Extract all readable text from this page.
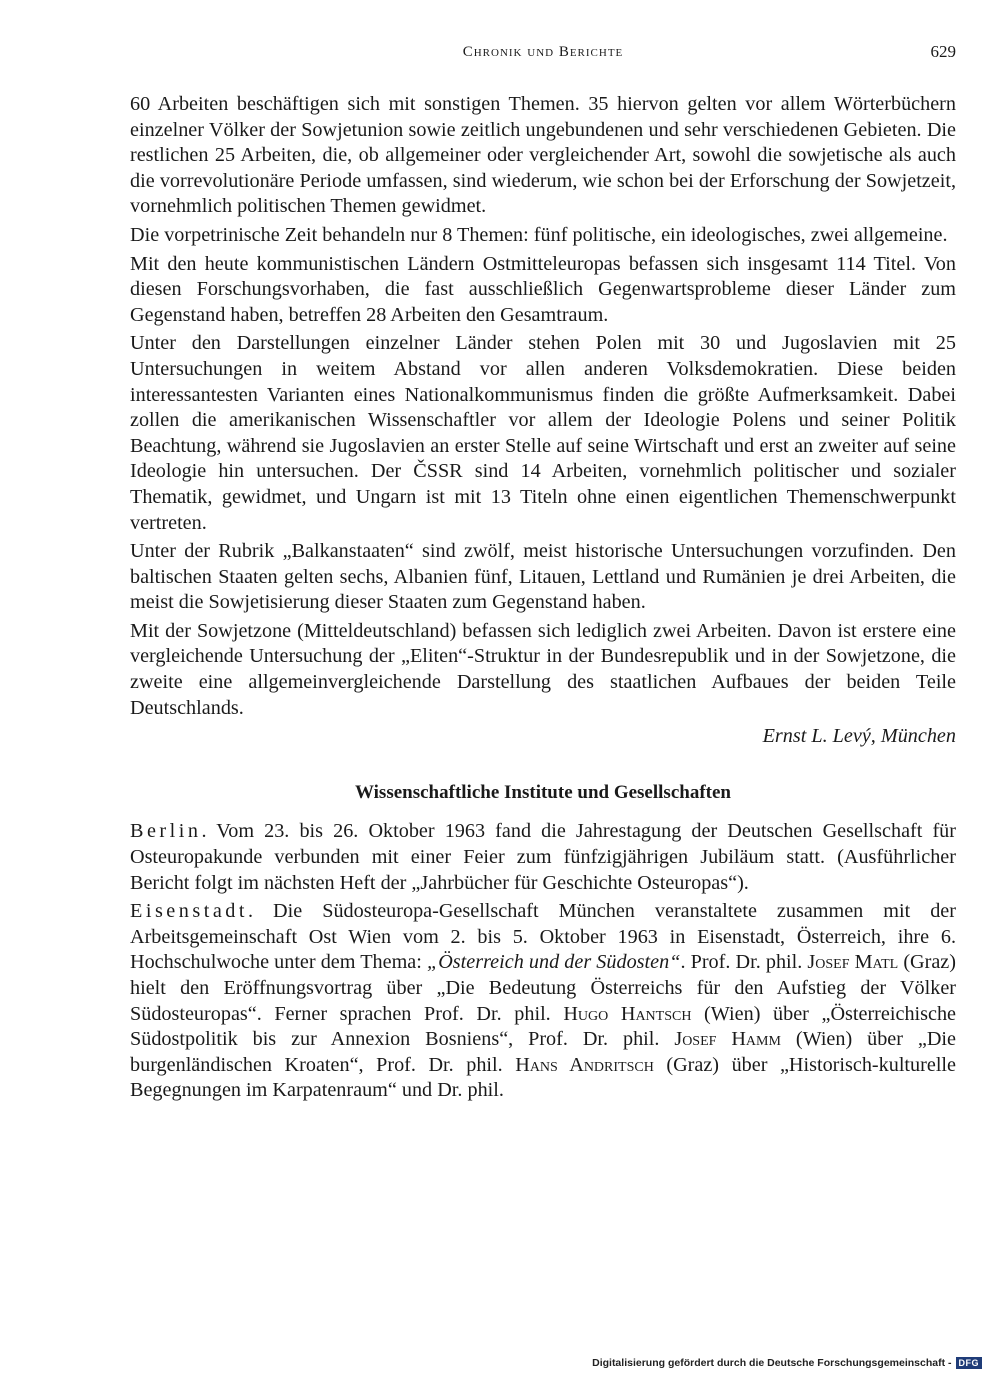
Chronik und Berichte	629

60 Arbeiten beschäftigen sich mit sonstigen Themen. 35 hiervon gelten vor allem Wörterbüchern einzelner Völker der Sowjetunion sowie zeitlich ungebundenen und sehr verschiedenen Gebieten. Die restlichen 25 Arbeiten, die, ob allgemeiner oder vergleichender Art, sowohl die sowjetische als auch die vorrevolutionäre Periode umfassen, sind wiederum, wie schon bei der Erforschung der Sowjetzeit, vornehmlich politischen Themen gewidmet.

Die vorpetrinische Zeit behandeln nur 8 Themen: fünf politische, ein ideologisches, zwei allgemeine.

Mit den heute kommunistischen Ländern Ostmitteleuropas befassen sich insgesamt 114 Titel. Von diesen Forschungsvorhaben, die fast ausschließlich Gegenwartsprobleme dieser Länder zum Gegenstand haben, betreffen 28 Arbeiten den Gesamtraum.

Unter den Darstellungen einzelner Länder stehen Polen mit 30 und Jugoslavien mit 25 Untersuchungen in weitem Abstand vor allen anderen Volksdemokratien. Diese beiden interessantesten Varianten eines Nationalkommunismus finden die größte Aufmerksamkeit. Dabei zollen die amerikanischen Wissenschaftler vor allem der Ideologie Polens und seiner Politik Beachtung, während sie Jugoslavien an erster Stelle auf seine Wirtschaft und erst an zweiter auf seine Ideologie hin untersuchen. Der ČSSR sind 14 Arbeiten, vornehmlich politischer und sozialer Thematik, gewidmet, und Ungarn ist mit 13 Titeln ohne einen eigentlichen Themenschwerpunkt vertreten.

Unter der Rubrik „Balkanstaaten“ sind zwölf, meist historische Untersuchungen vorzufinden. Den baltischen Staaten gelten sechs, Albanien fünf, Litauen, Lettland und Rumänien je drei Arbeiten, die meist die Sowjetisierung dieser Staaten zum Gegenstand haben.

Mit der Sowjetzone (Mitteldeutschland) befassen sich lediglich zwei Arbeiten. Davon ist erstere eine vergleichende Untersuchung der „Eliten“-Struktur in der Bundesrepublik und in der Sowjetzone, die zweite eine allgemeinvergleichende Darstellung des staatlichen Aufbaues der beiden Teile Deutschlands.

Ernst L. Levý, München

Wissenschaftliche Institute und Gesellschaften

Berlin. Vom 23. bis 26. Oktober 1963 fand die Jahrestagung der Deutschen Gesellschaft für Osteuropakunde verbunden mit einer Feier zum fünfzigjährigen Jubiläum statt. (Ausführlicher Bericht folgt im nächsten Heft der „Jahrbücher für Geschichte Osteuropas“).

Eisenstadt. Die Südosteuropa-Gesellschaft München veranstaltete zusammen mit der Arbeitsgemeinschaft Ost Wien vom 2. bis 5. Oktober 1963 in Eisenstadt, Österreich, ihre 6. Hochschulwoche unter dem Thema: „Österreich und der Südosten“. Prof. Dr. phil. Josef Matl (Graz) hielt den Eröffnungsvortrag über „Die Bedeutung Österreichs für den Aufstieg der Völker Südosteuropas“. Ferner sprachen Prof. Dr. phil. Hugo Hantsch (Wien) über „Österreichische Südostpolitik bis zur Annexion Bosniens“, Prof. Dr. phil. Josef Hamm (Wien) über „Die burgenländischen Kroaten“, Prof. Dr. phil. Hans Andritsch (Graz) über „Historisch-kulturelle Begegnungen im Karpatenraum“ und Dr. phil.

Digitalisierung gefördert durch die Deutsche Forschungsgemeinschaft - DFG
